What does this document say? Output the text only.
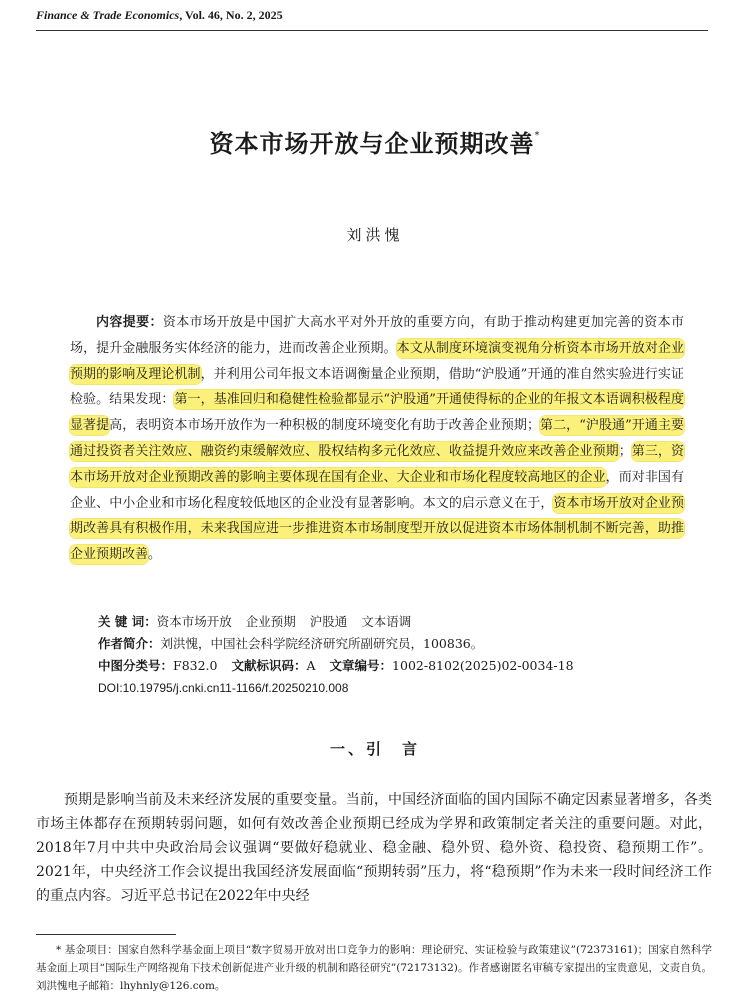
Finance & Trade Economics, Vol. 46, No. 2, 2025
资本市场开放与企业预期改善*
刘洪愧

内容提要：资本市场开放是中国扩大高水平对外开放的重要方向，有助于推动构建更加完善的资本市场，提升金融服务实体经济的能力，进而改善企业预期。本文从制度环境演变视角分析资本市场开放对企业预期的影响及理论机制，并利用公司年报文本语调衡量企业预期，借助“沪股通”开通的准自然实验进行实证检验。结果发现：第一，基准回归和稳健性检验都显示“沪股通”开通使得标的企业的年报文本语调积极程度显著提高，表明资本市场开放作为一种积极的制度环境变化有助于改善企业预期；第二，“沪股通”开通主要通过投资者关注效应、融资约束缓解效应、股权结构多元化效应、收益提升效应来改善企业预期；第三，资本市场开放对企业预期改善的影响主要体现在国有企业、大企业和市场化程度较高地区的企业，而对非国有企业、中小企业和市场化程度较低地区的企业没有显著影响。本文的启示意义在于，资本市场开放对企业预期改善具有积极作用，未来我国应进一步推进资本市场制度型开放以促进资本市场体制机制不断完善，助推企业预期改善。

关 键 词：资本市场开放 企业预期 沪股通 文本语调
作者简介：刘洪愧，中国社会科学院经济研究所副研究员，100836。
中图分类号：F832.0 文献标识码：A 文章编号：1002-8102(2025)02-0034-18
DOI:10.19795/j.cnki.cn11-1166/f.20250210.008
一、引　言

预期是影响当前及未来经济发展的重要变量。当前，中国经济面临的国内国际不确定因素显著增多，各类市场主体都存在预期转弱问题，如何有效改善企业预期已经成为学界和政策制定者关注的重要问题。对此，2018年7月中共中央政治局会议强调“要做好稳就业、稳金融、稳外贸、稳外资、稳投资、稳预期工作”。2021年，中央经济工作会议提出我国经济发展面临“预期转弱”压力，将“稳预期”作为未来一段时间经济工作的重点内容。习近平总书记在2022年中央经

* 基金项目：国家自然科学基金面上项目“数字贸易开放对出口竞争力的影响：理论研究、实证检验与政策建议”(72373161)；国家自然科学基金面上项目“国际生产网络视角下技术创新促进产业升级的机制和路径研究”(72173132)。作者感谢匿名审稿专家提出的宝贵意见，文责自负。刘洪愧电子邮箱：lhyhnly@126.com。
